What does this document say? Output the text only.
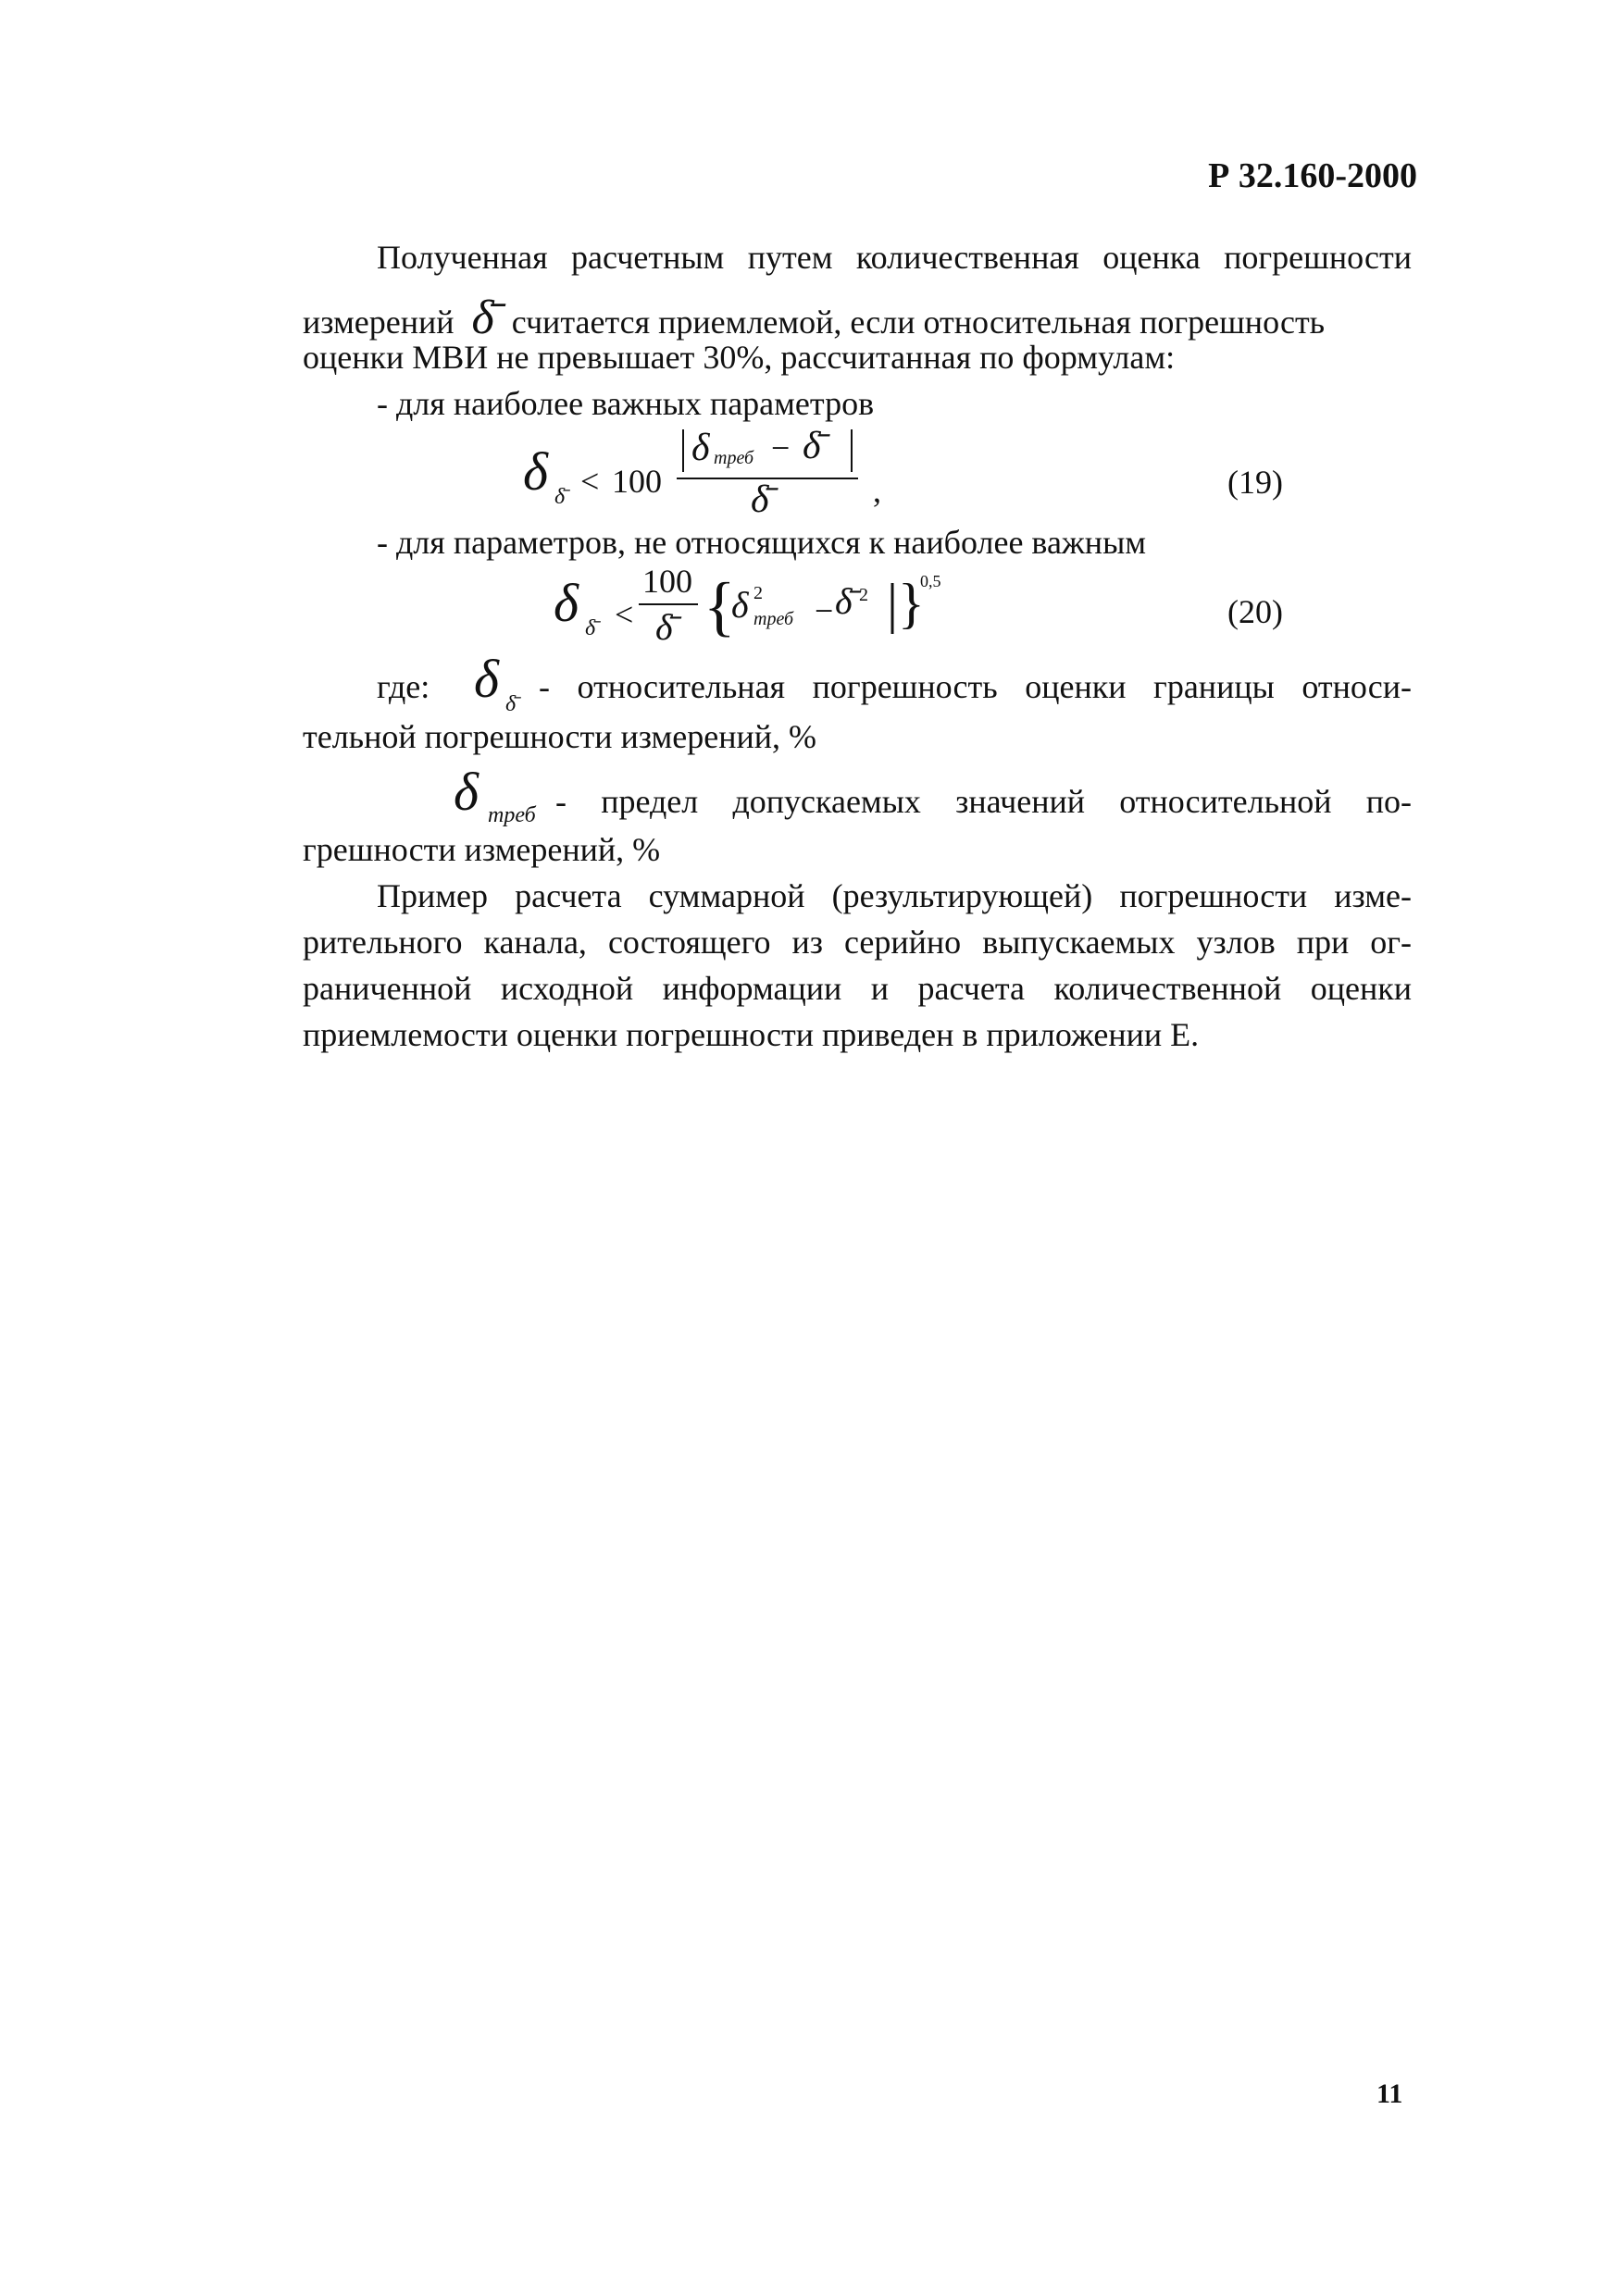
Р 32.160-2000
Полученная расчетным путем количественная оценка погрешности
измерений δ̄ считается приемлемой, если относительная погрешность
оценки МВИ не превышает 30%, рассчитанная по формулам:
- для наиболее важных параметров
δ δ̄ < 100
δ треб − δ̄
δ̄	,	(19)
- для параметров, не относящихся к наиболее важным
δ δ̄ <
100
δ̄ {
δ 2
треб − δ̄ 2 |}
0,5
(20)
где: δ δ̄ - относительная погрешность оценки границы относи-
тельной погрешности измерений, %
δ треб - предел допускаемых значений относительной по-
грешности измерений, %
Пример расчета суммарной (результирующей) погрешности изме-
рительного канала, состоящего из серийно выпускаемых узлов при ог-
раниченной исходной информации и расчета количественной оценки
приемлемости оценки погрешности приведен в приложении Е.
11
